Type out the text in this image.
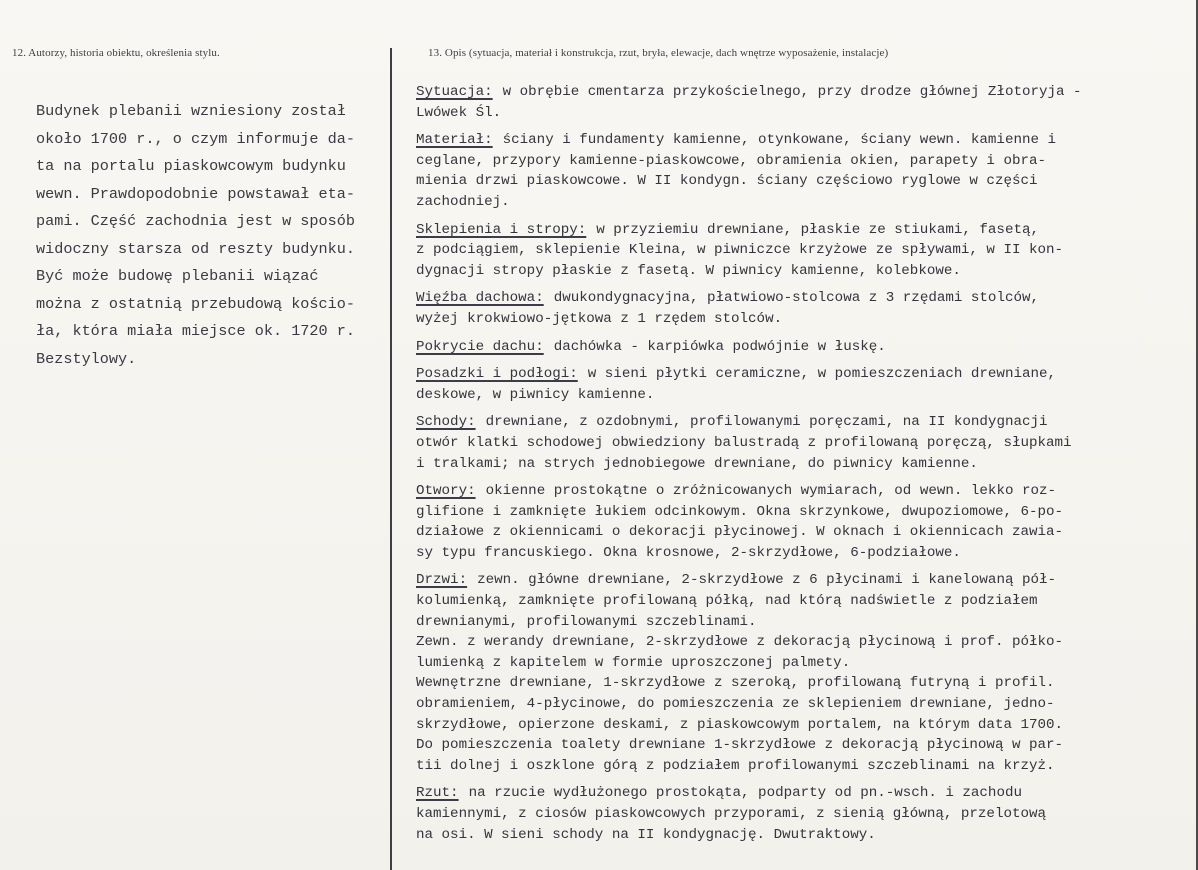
12. Autorzy, historia obiektu, określenia stylu.	13. Opis (sytuacja, materiał i konstrukcja, rzut, bryła, elewacje, dach wnętrze wyposażenie, instalacje)
Budynek plebanii wzniesiony został
około 1700 r., o czym informuje da-
ta na portalu piaskowcowym budynku
wewn. Prawdopodobnie powstawał eta-
pami. Część zachodnia jest w sposób
widoczny starsza od reszty budynku.
Być może budowę plebanii wiązać
można z ostatnią przebudową kościo-
ła, która miała miejsce ok. 1720 r.
Bezstylowy.
Sytuacja: w obrębie cmentarza przykościelnego, przy drodze głównej Złotoryja -
Lwówek Śl.
Materiał: ściany i fundamenty kamienne, otynkowane, ściany wewn. kamienne i
ceglane, przypory kamienne-piaskowcowe, obramienia okien, parapety i obra-
mienia drzwi piaskowcowe. W II kondygn. ściany częściowo ryglowe w części
zachodniej.
Sklepienia i stropy: w przyziemiu drewniane, płaskie ze stiukami, fasetą,
z podciągiem, sklepienie Kleina, w piwniczce krzyżowe ze spływami, w II kon-
dygnacji stropy płaskie z fasetą. W piwnicy kamienne, kolebkowe.
Więźba dachowa: dwukondygnacyjna, płatwiowo-stolcowa z 3 rzędami stolców,
wyżej krokwiowo-jętkowa z 1 rzędem stolców.
Pokrycie dachu: dachówka - karpiówka podwójnie w łuskę.
Posadzki i podłogi: w sieni płytki ceramiczne, w pomieszczeniach drewniane,
deskowe, w piwnicy kamienne.
Schody: drewniane, z ozdobnymi, profilowanymi poręczami, na II kondygnacji
otwór klatki schodowej obwiedziony balustradą z profilowaną poręczą, słupkami
i tralkami; na strych jednobiegowe drewniane, do piwnicy kamienne.
Otwory: okienne prostokątne o zróżnicowanych wymiarach, od wewn. lekko roz-
glifione i zamknięte łukiem odcinkowym. Okna skrzynkowe, dwupoziomowe, 6-po-
działowe z okiennicami o dekoracji płycinowej. W oknach i okiennicach zawia-
sy typu francuskiego. Okna krosnowe, 2-skrzydłowe, 6-podziałowe.
Drzwi: zewn. główne drewniane, 2-skrzydłowe z 6 płycinami i kanelowaną pół-
kolumienką, zamknięte profilowaną półką, nad którą nadświetle z podziałem
drewnianymi, profilowanymi szczeblinami.
Zewn. z werandy drewniane, 2-skrzydłowe z dekoracją płycinową i prof. półko-
lumienką z kapitelem w formie uproszczonej palmety.
Wewnętrzne drewniane, 1-skrzydłowe z szeroką, profilowaną futryną i profil.
obramieniem, 4-płycinowe, do pomieszczenia ze sklepieniem drewniane, jedno-
skrzydłowe, opierzone deskami, z piaskowcowym portalem, na którym data 1700.
Do pomieszczenia toalety drewniane 1-skrzydłowe z dekoracją płycinową w par-
tii dolnej i oszklone górą z podziałem profilowanymi szczeblinami na krzyż.
Rzut: na rzucie wydłużonego prostokąta, podparty od pn.-wsch. i zachodu
kamiennymi, z ciosów piaskowcowych przyporami, z sienią główną, przelotową
na osi. W sieni schody na II kondygnację. Dwutraktowy.
